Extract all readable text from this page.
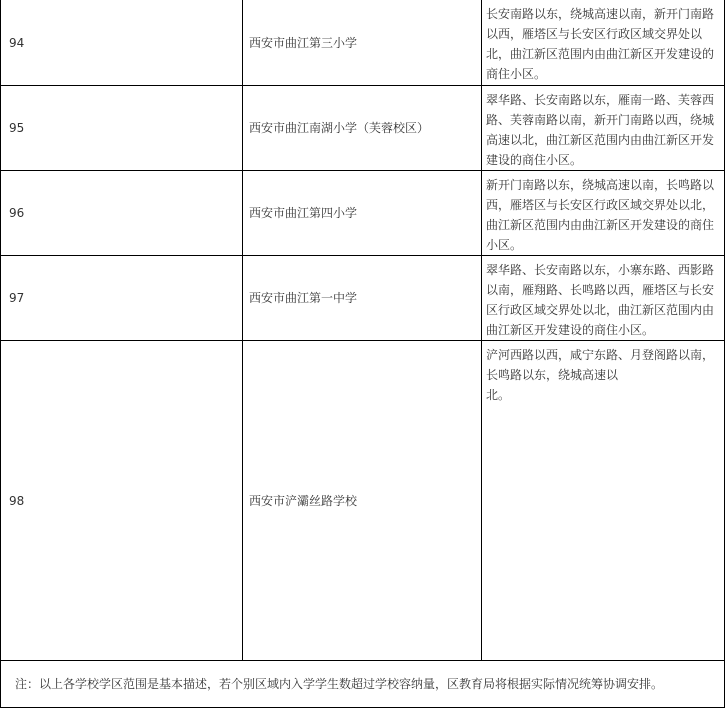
94	西安市曲江第三小学	长安南路以东，绕城高速以南，新开门南路以西，雁塔区与长安区行政区域交界处以北，曲江新区范围内由曲江新区开发建设的商住小区。

95	西安市曲江南湖小学（芙蓉校区）	翠华路、长安南路以东，雁南一路、芙蓉西路、芙蓉南路以南，新开门南路以西，绕城高速以北，曲江新区范围内由曲江新区开发建设的商住小区。

96	西安市曲江第四小学	新开门南路以东，绕城高速以南，长鸣路以西，雁塔区与长安区行政区域交界处以北，曲江新区范围内由曲江新区开发建设的商住小区。

97	西安市曲江第一中学	翠华路、长安南路以东，小寨东路、西影路以南，雁翔路、长鸣路以西，雁塔区与长安区行政区域交界处以北，曲江新区范围内由曲江新区开发建设的商住小区。

98	西安市浐灞丝路学校	浐河西路以西，咸宁东路、月登阁路以南，长鸣路以东，绕城高速以
北。

注：以上各学校学区范围是基本描述，若个别区域内入学学生数超过学校容纳量，区教育局将根据实际情况统筹协调安排。		
